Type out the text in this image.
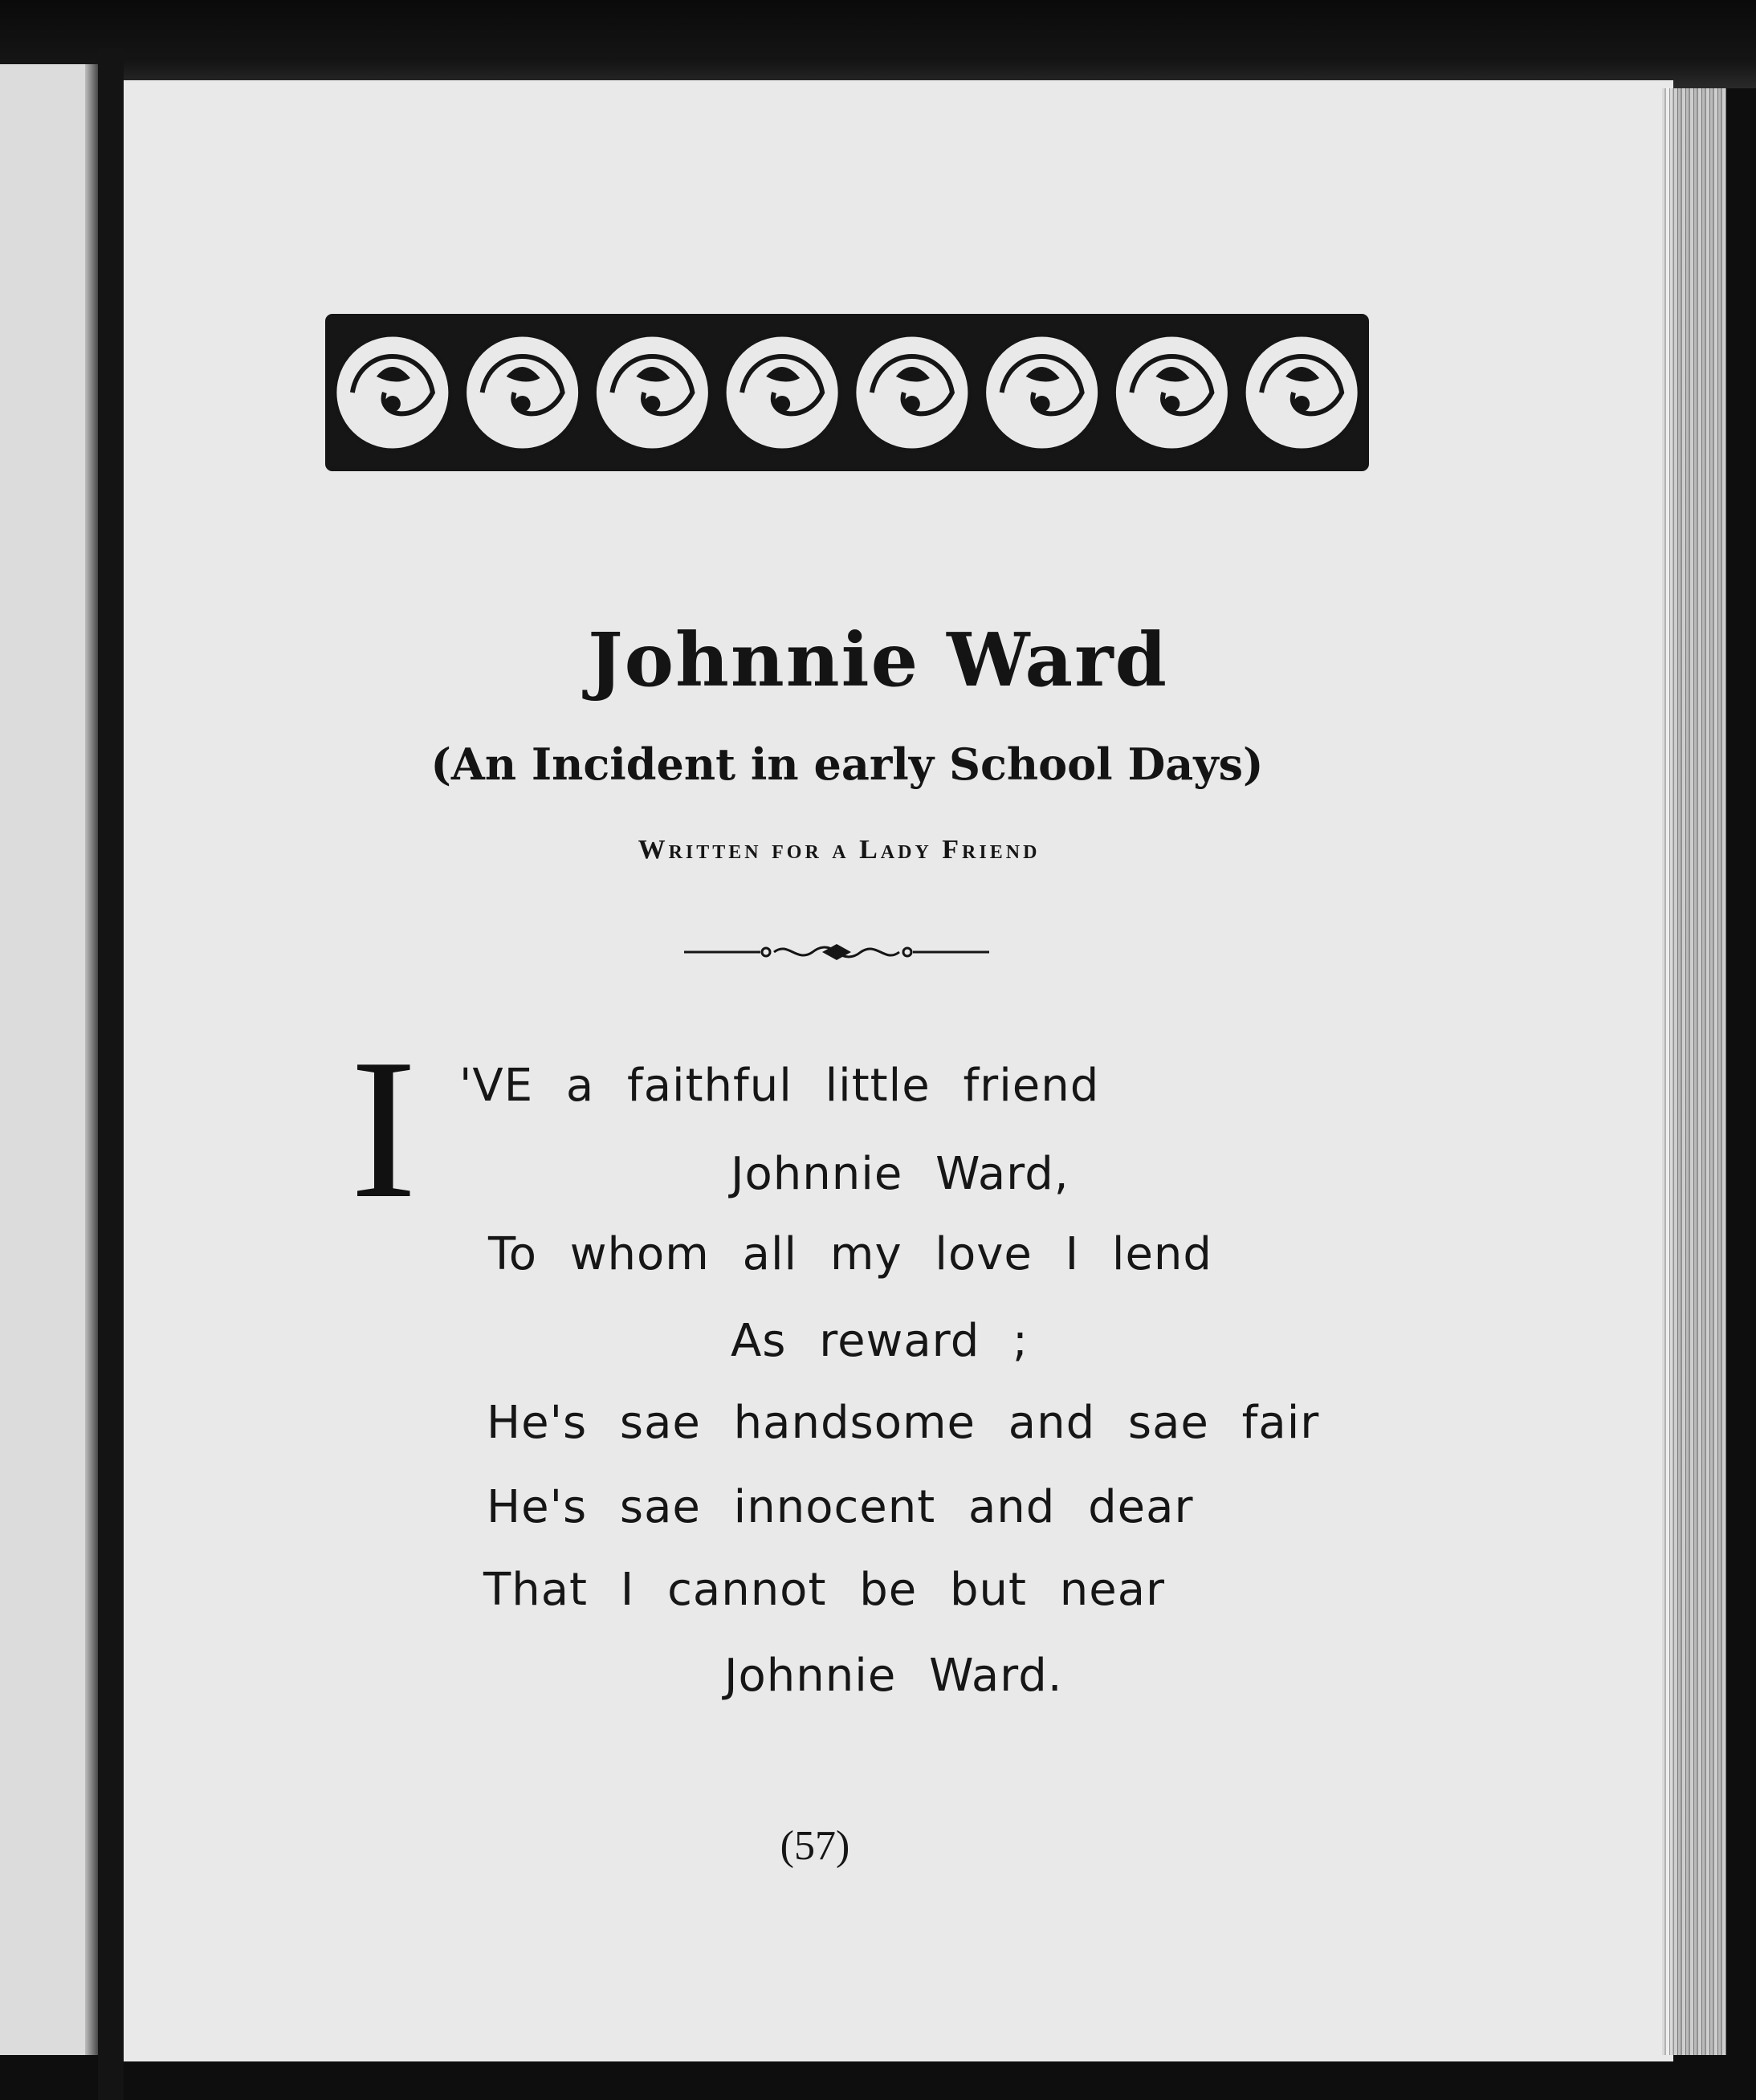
Johnnie Ward
(An Incident in early School Days)
Written for a Lady Friend
I 'VE a faithful little friend
Johnnie Ward,
To whom all my love I lend
As reward ;
He's sae handsome and sae fair
He's sae innocent and dear
That I cannot be but near
Johnnie Ward.
(57)
